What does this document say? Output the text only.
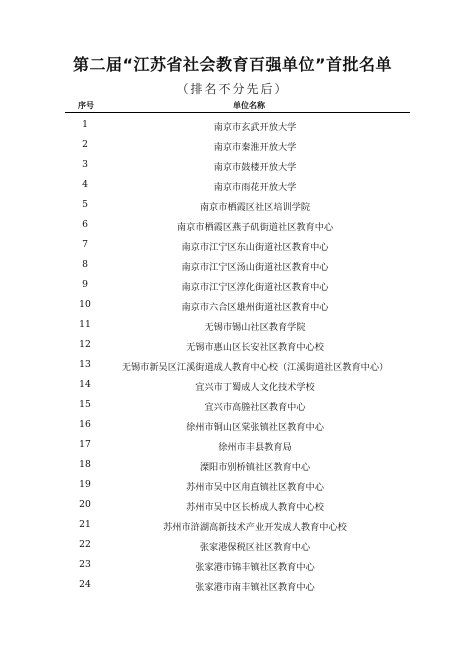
第二届“江苏省社会教育百强单位”首批名单
（排名不分先后）
序号	单位名称
1	南京市玄武开放大学
2	南京市秦淮开放大学
3	南京市鼓楼开放大学
4	南京市雨花开放大学
5	南京市栖霞区社区培训学院
6	南京市栖霞区燕子矶街道社区教育中心
7	南京市江宁区东山街道社区教育中心
8	南京市江宁区汤山街道社区教育中心
9	南京市江宁区淳化街道社区教育中心
10	南京市六合区雄州街道社区教育中心
11	无锡市锡山社区教育学院
12	无锡市惠山区长安社区教育中心校
13	无锡市新吴区江溪街道成人教育中心校（江溪街道社区教育中心）
14	宜兴市丁蜀成人文化技术学校
15	宜兴市高塍社区教育中心
16	徐州市铜山区棠张镇社区教育中心
17	徐州市丰县教育局
18	溧阳市别桥镇社区教育中心
19	苏州市吴中区甪直镇社区教育中心
20	苏州市吴中区长桥成人教育中心校
21	苏州市浒湖高新技术产业开发成人教育中心校
22	张家港保税区社区教育中心
23	张家港市锦丰镇社区教育中心
24	张家港市南丰镇社区教育中心
